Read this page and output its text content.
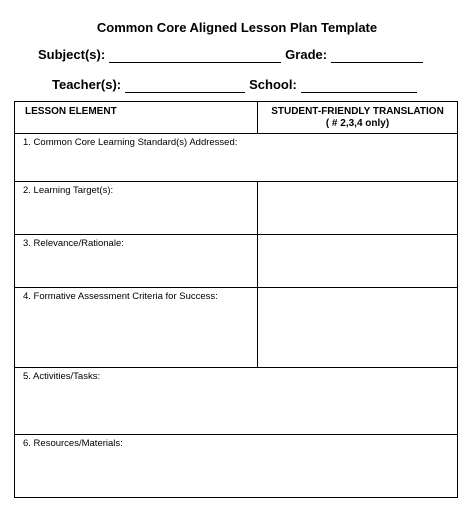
Common Core Aligned Lesson Plan Template
Subject(s):	Grade:
Teacher(s):	School:
LESSON ELEMENT	STUDENT-FRIENDLY TRANSLATION
( # 2,3,4 only)

1. Common Core Learning Standard(s) Addressed:	

2. Learning Target(s):	

3. Relevance/Rationale:	

4. Formative Assessment Criteria for Success:	

5. Activities/Tasks:	

6. Resources/Materials:	
